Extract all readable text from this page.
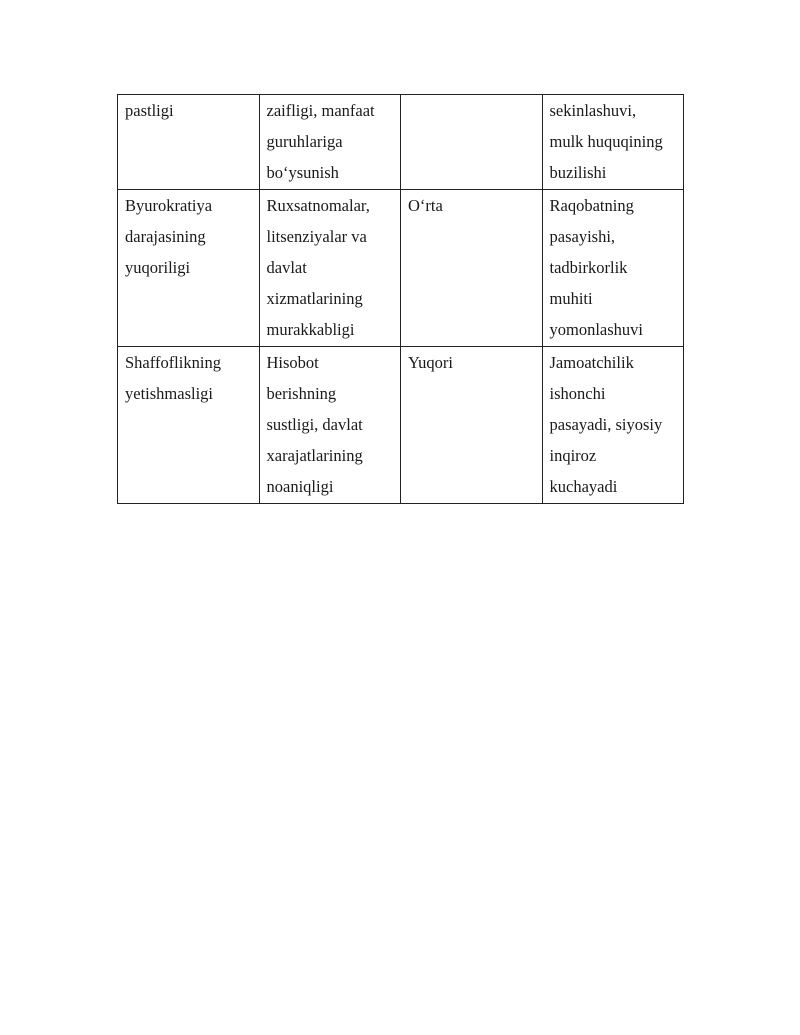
pastligi	zaifligi, manfaat
guruhlariga
bo‘ysunish		sekinlashuvi,
mulk huquqining
buzilishi

Byurokratiya
darajasining
yuqoriligi	Ruxsatnomalar,
litsenziyalar va
davlat
xizmatlarining
murakkabligi	O‘rta	Raqobatning
pasayishi,
tadbirkorlik
muhiti
yomonlashuvi

Shaffoflikning
yetishmasligi	Hisobot
berishning
sustligi, davlat
xarajatlarining
noaniqligi	Yuqori	Jamoatchilik
ishonchi
pasayadi, siyosiy
inqiroz
kuchayadi
